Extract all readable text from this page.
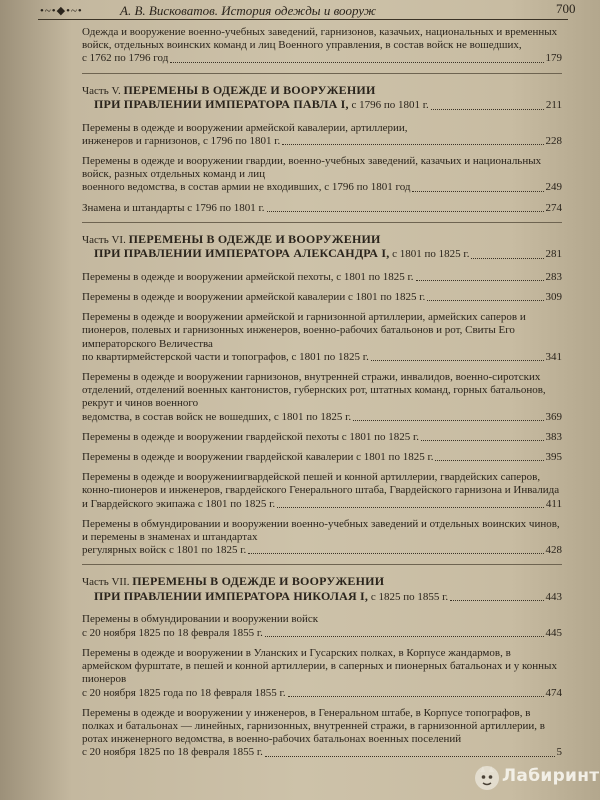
•~•◆•~•	А. В. Висковатов. История одежды и вооруж	700
Одежда и вооружение военно-учебных заведений, гарнизонов, казачьих, национальных и временных войск, отдельных воинских команд и лиц Военного управления, в состав войск не вошедших,
с 1762 по 1796 год	179
Часть V. ПЕРЕМЕНЫ В ОДЕЖДЕ И ВООРУЖЕНИИ
ПРИ ПРАВЛЕНИИ ИМПЕРАТОРА ПАВЛА I, с 1796 по 1801 г.	211
Перемены в одежде и вооружении армейской кавалерии, артиллерии,
инженеров и гарнизонов, с 1796 по 1801 г.	228
Перемены в одежде и вооружении гвардии, военно-учебных заведений, казачьих и национальных войск, разных отдельных команд и лиц
военного ведомства, в состав армии не входивших, с 1796 по 1801 год	249
Знамена и штандарты с 1796 по 1801 г.	274
Часть VI. ПЕРЕМЕНЫ В ОДЕЖДЕ И ВООРУЖЕНИИ
ПРИ ПРАВЛЕНИИ ИМПЕРАТОРА АЛЕКСАНДРА I, с 1801 по 1825 г.	281
Перемены в одежде и вооружении армейской пехоты, с 1801 по 1825 г.	283
Перемены в одежде и вооружении армейской кавалерии с 1801 по 1825 г.	309
Перемены в одежде и вооружении армейской и гарнизонной артиллерии, армейских саперов и пионеров, полевых и гарнизонных инженеров, военно-рабочих батальонов и рот, Свиты Его императорского Величества
по квартирмейстерской части и топографов, с 1801 по 1825 г.	341
Перемены в одежде и вооружении гарнизонов, внутренней стражи, инвалидов, военно-сиротских отделений, отделений военных кантонистов, губернских рот, штатных команд, горных батальонов, рекрут и чинов военного
ведомства, в состав войск не вошедших, с 1801 по 1825 г.	369
Перемены в одежде и вооружении гвардейской пехоты с 1801 по 1825 г.	383
Перемены в одежде и вооружении гвардейской кавалерии с 1801 по 1825 г.	395
Перемены в одежде и вооружениигвардейской пешей и конной артиллерии, гвардейских саперов, конно-пионеров и инженеров, гвардейского Генерального штаба, Гвардейского гарнизона и Инвалида
и Гвардейского экипажа с 1801 по 1825 г.	411
Перемены в обмундировании и вооружении военно-учебных заведений и отдельных воинских чинов, и перемены в знаменах и штандартах
регулярных войск с 1801 по 1825 г.	428
Часть VII. ПЕРЕМЕНЫ В ОДЕЖДЕ И ВООРУЖЕНИИ
ПРИ ПРАВЛЕНИИ ИМПЕРАТОРА НИКОЛАЯ I, с 1825 по 1855 г.	443
Перемены в обмундировании и вооружении войск
с 20 ноября 1825 по 18 февраля 1855 г.	445
Перемены в одежде и вооружении в Уланских и Гусарских полках, в Корпусе жандармов, в армейском фурштате, в пешей и конной артиллерии, в саперных и пионерных батальонах и у конных пионеров
с 20 ноября 1825 года по 18 февраля 1855 г.	474
Перемены в одежде и вооружении у инженеров, в Генеральном штабе, в Корпусе топографов, в полках и батальонах — линейных, гарнизонных, внутренней стражи, в гарнизонной артиллерии, в ротах инженерного ведомства, в военно-рабочих батальонах военных поселений
с 20 ноября 1825 по 18 февраля 1855 г.	5
Лабиринт
